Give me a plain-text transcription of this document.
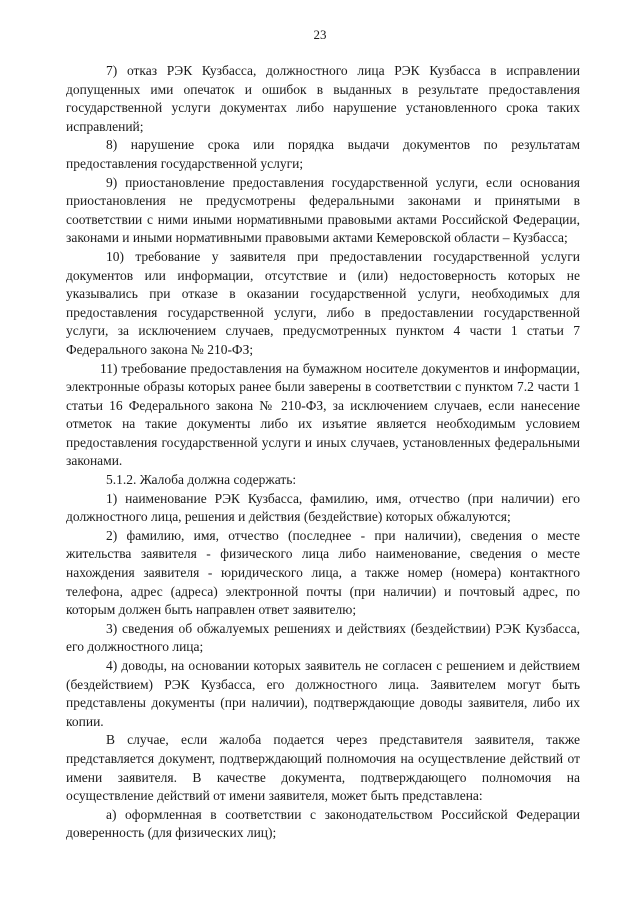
23

7) отказ РЭК Кузбасса, должностного лица РЭК Кузбасса в исправлении допущенных ими опечаток и ошибок в выданных в результате предоставления государственной услуги документах либо нарушение установленного срока таких исправлений;

8) нарушение срока или порядка выдачи документов по результатам предоставления государственной услуги;

9) приостановление предоставления государственной услуги, если основания приостановления не предусмотрены федеральными законами и принятыми в соответствии с ними иными нормативными правовыми актами Российской Федерации, законами и иными нормативными правовыми актами Кемеровской области – Кузбасса;

10) требование у заявителя при предоставлении государственной услуги документов или информации, отсутствие и (или) недостоверность которых не указывались при отказе в оказании государственной услуги, необходимых для предоставления государственной услуги, либо в предоставлении государственной услуги, за исключением случаев, предусмотренных пунктом 4 части 1 статьи 7 Федерального закона № 210-ФЗ;

11) требование предоставления на бумажном носителе документов и информации, электронные образы которых ранее были заверены в соответствии с пунктом 7.2 части 1 статьи 16 Федерального закона № 210-ФЗ, за исключением случаев, если нанесение отметок на такие документы либо их изъятие является необходимым условием предоставления государственной услуги и иных случаев, установленных федеральными законами.

5.1.2. Жалоба должна содержать:

1) наименование РЭК Кузбасса, фамилию, имя, отчество (при наличии) его должностного лица, решения и действия (бездействие) которых обжалуются;

2) фамилию, имя, отчество (последнее - при наличии), сведения о месте жительства заявителя - физического лица либо наименование, сведения о месте нахождения заявителя - юридического лица, а также номер (номера) контактного телефона, адрес (адреса) электронной почты (при наличии) и почтовый адрес, по которым должен быть направлен ответ заявителю;

3) сведения об обжалуемых решениях и действиях (бездействии) РЭК Кузбасса, его должностного лица;

4) доводы, на основании которых заявитель не согласен с решением и действием (бездействием) РЭК Кузбасса, его должностного лица. Заявителем могут быть представлены документы (при наличии), подтверждающие доводы заявителя, либо их копии.

В случае, если жалоба подается через представителя заявителя, также представляется документ, подтверждающий полномочия на осуществление действий от имени заявителя. В качестве документа, подтверждающего полномочия на осуществление действий от имени заявителя, может быть представлена:

а) оформленная в соответствии с законодательством Российской Федерации доверенность (для физических лиц);
